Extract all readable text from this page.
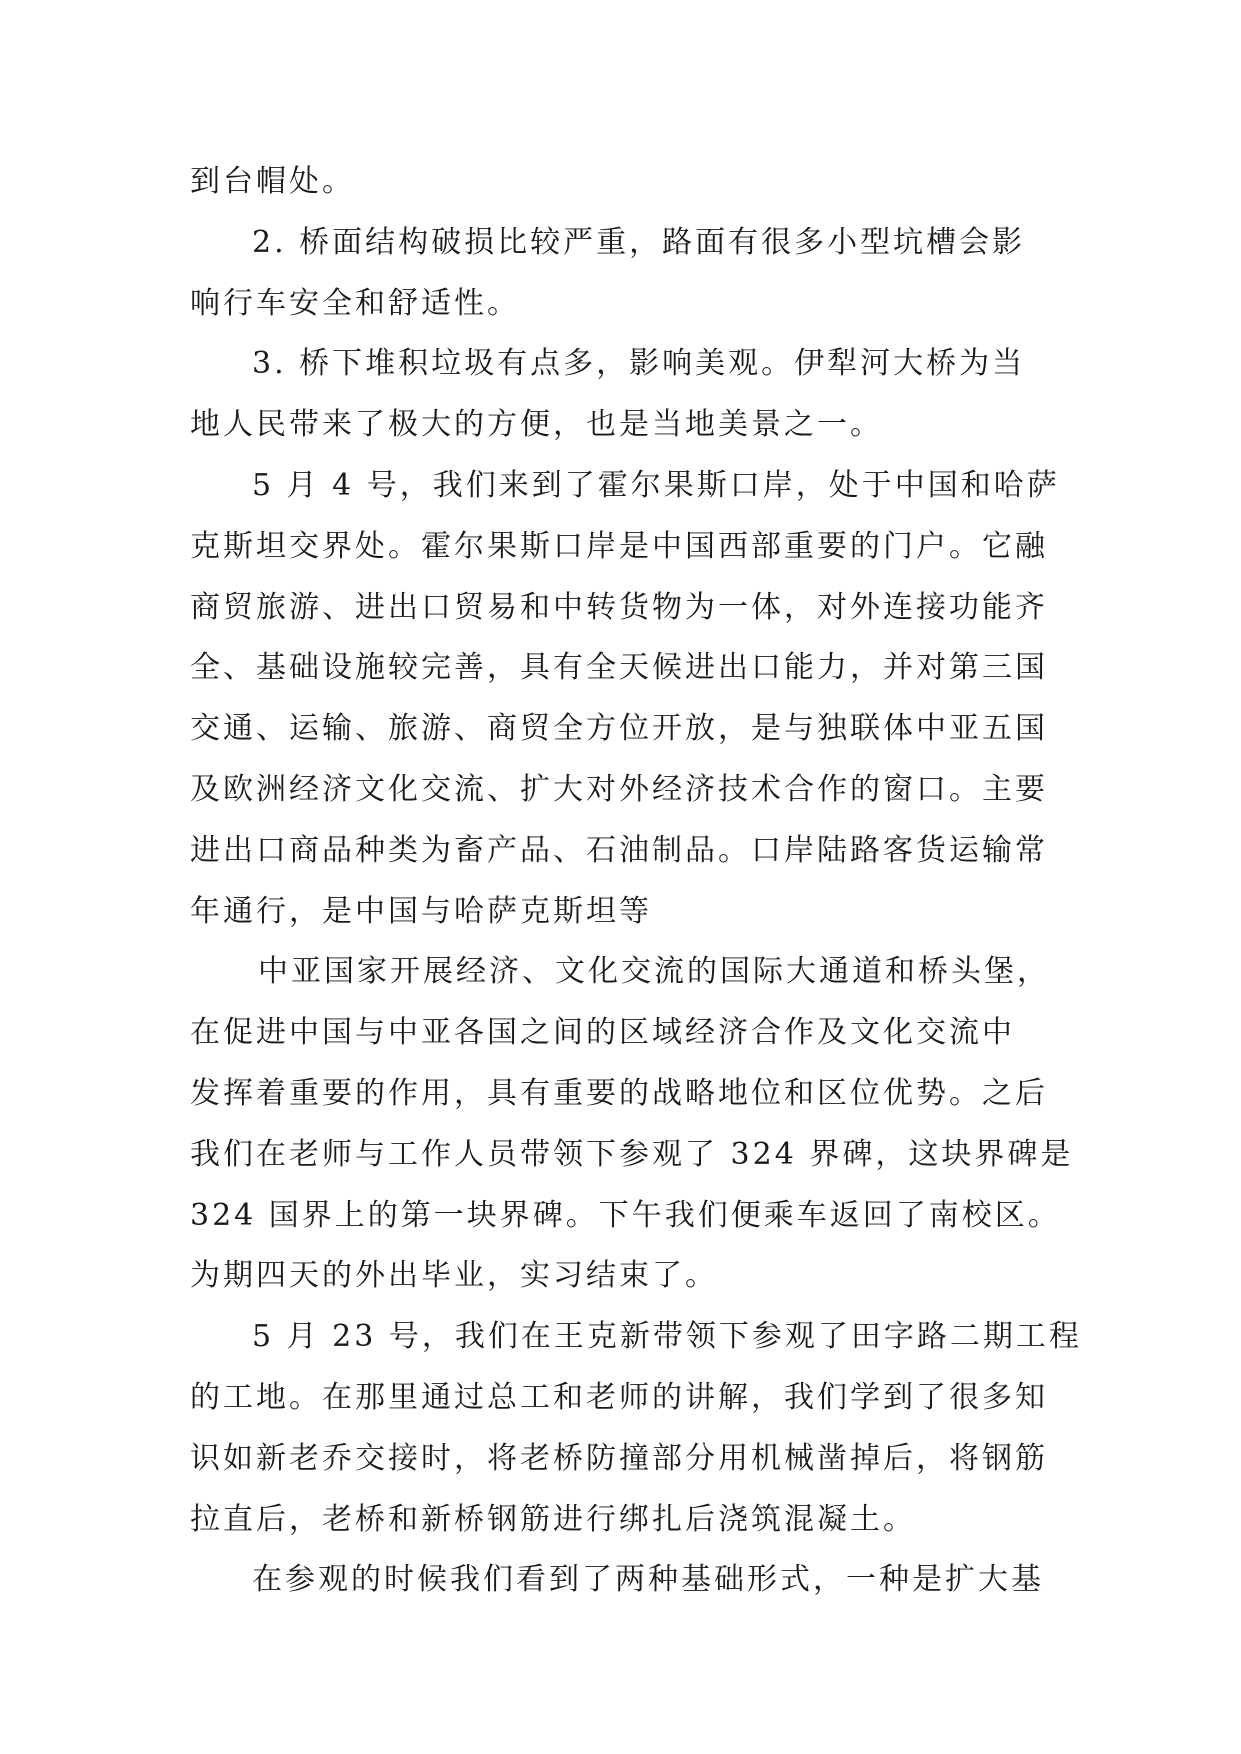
到台帽处。
2. 桥面结构破损比较严重，路面有很多小型坑槽会影
响行车安全和舒适性。
3. 桥下堆积垃圾有点多，影响美观。伊犁河大桥为当
地人民带来了极大的方便，也是当地美景之一。
5 月 4 号，我们来到了霍尔果斯口岸，处于中国和哈萨
克斯坦交界处。霍尔果斯口岸是中国西部重要的门户。它融
商贸旅游、进出口贸易和中转货物为一体，对外连接功能齐
全、基础设施较完善，具有全天候进出口能力，并对第三国
交通、运输、旅游、商贸全方位开放，是与独联体中亚五国
及欧洲经济文化交流、扩大对外经济技术合作的窗口。主要
进出口商品种类为畜产品、石油制品。口岸陆路客货运输常
年通行，是中国与哈萨克斯坦等
中亚国家开展经济、文化交流的国际大通道和桥头堡，
在促进中国与中亚各国之间的区域经济合作及文化交流中
发挥着重要的作用，具有重要的战略地位和区位优势。之后
我们在老师与工作人员带领下参观了 324 界碑，这块界碑是
324 国界上的第一块界碑。下午我们便乘车返回了南校区。
为期四天的外出毕业，实习结束了。
5 月 23 号，我们在王克新带领下参观了田字路二期工程
的工地。在那里通过总工和老师的讲解，我们学到了很多知
识如新老乔交接时，将老桥防撞部分用机械凿掉后，将钢筋
拉直后，老桥和新桥钢筋进行绑扎后浇筑混凝土。
在参观的时候我们看到了两种基础形式，一种是扩大基
